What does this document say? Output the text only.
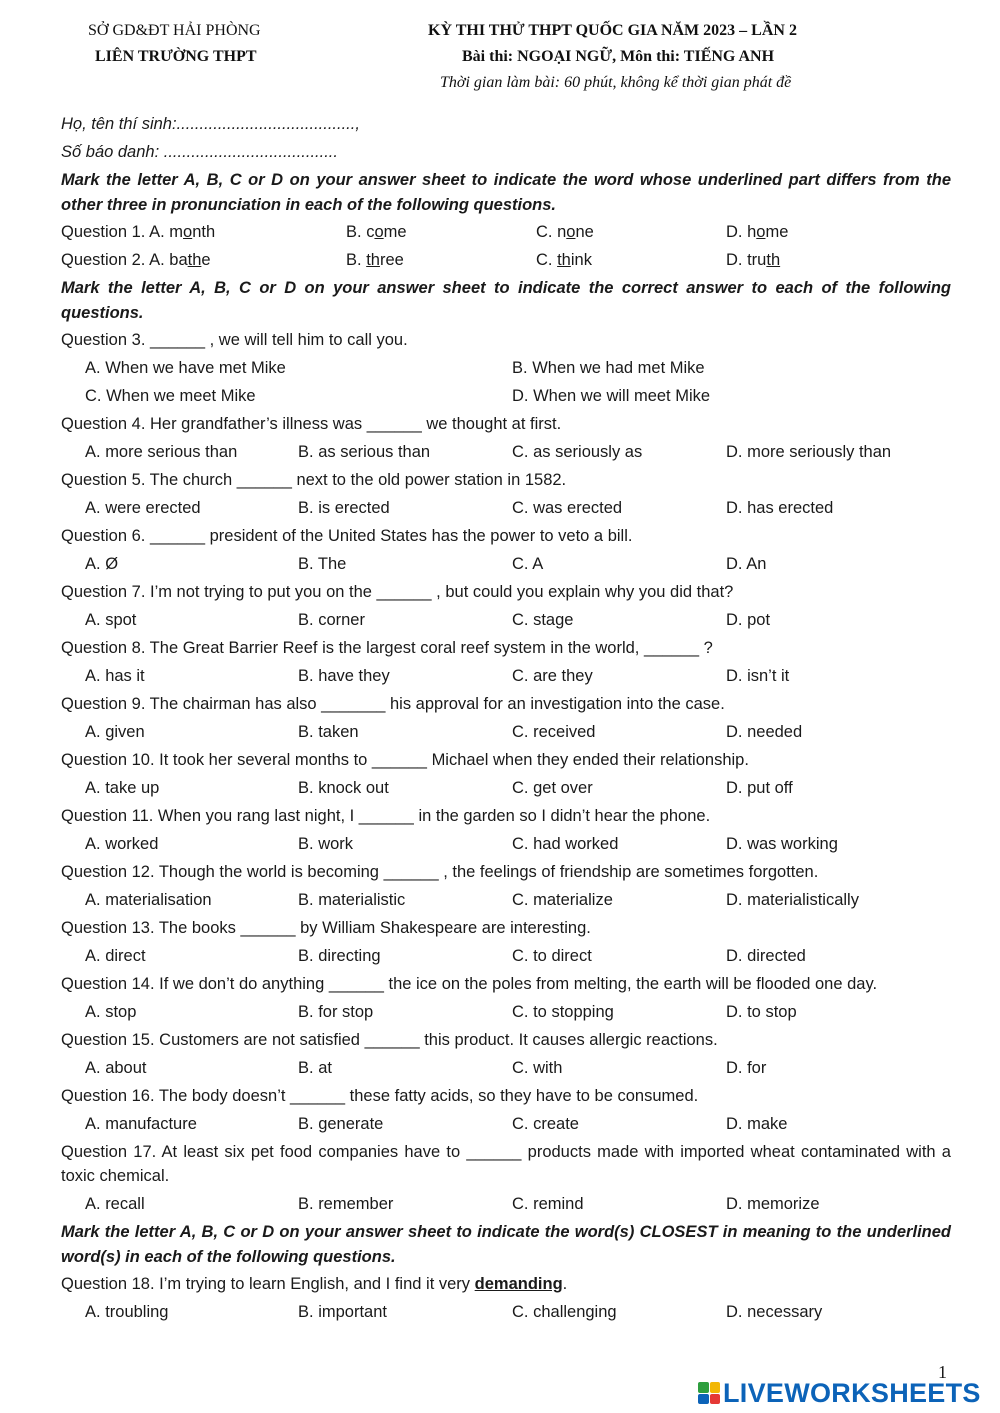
SỞ GD&ĐT HẢI PHÒNG
LIÊN TRƯỜNG THPT
KỲ THI THỬ THPT QUỐC GIA NĂM 2023 – LẦN 2
Bài thi: NGOẠI NGỮ, Môn thi: TIẾNG ANH
Thời gian làm bài: 60 phút, không kể thời gian phát đề
Họ, tên thí sinh:.......................................,
Số báo danh: ......................................
Mark the letter A, B, C or D on your answer sheet to indicate the word whose underlined part differs from the other three in pronunciation in each of the following questions.
Question 1. A. month	B. come	C. none	D. home
Question 2. A. bathe	B. three	C. think	D. truth
Mark the letter A, B, C or D on your answer sheet to indicate the correct answer to each of the following questions.
Question 3. ______ , we will tell him to call you.
A. When we have met Mike	B. When we had met Mike
C. When we meet Mike	D. When we will meet Mike
Question 4. Her grandfather’s illness was ______ we thought at first.
A. more serious than	B. as serious than	C. as seriously as	D. more seriously than
Question 5. The church ______ next to the old power station in 1582.
A. were erected	B. is erected	C. was erected	D. has erected
Question 6. ______ president of the United States has the power to veto a bill.
A. Ø	B. The	C. A	D. An
Question 7. I’m not trying to put you on the ______ , but could you explain why you did that?
A. spot	B. corner	C. stage	D. pot
Question 8. The Great Barrier Reef is the largest coral reef system in the world, ______ ?
A. has it	B. have they	C. are they	D. isn’t it
Question 9. The chairman has also _______ his approval for an investigation into the case.
A. given	B. taken	C. received	D. needed
Question 10. It took her several months to ______ Michael when they ended their relationship.
A. take up	B. knock out	C. get over	D. put off
Question 11. When you rang last night, I ______ in the garden so I didn’t hear the phone.
A. worked	B. work	C. had worked	D. was working
Question 12. Though the world is becoming ______ , the feelings of friendship are sometimes forgotten.
A. materialisation	B. materialistic	C. materialize	D. materialistically
Question 13. The books ______ by William Shakespeare are interesting.
A. direct	B. directing	C. to direct	D. directed
Question 14. If we don’t do anything ______ the ice on the poles from melting, the earth will be flooded one day.
A. stop	B. for stop	C. to stopping	D. to stop
Question 15. Customers are not satisfied ______ this product. It causes allergic reactions.
A. about	B. at	C. with	D. for
Question 16. The body doesn’t ______ these fatty acids, so they have to be consumed.
A. manufacture	B. generate	C. create	D. make
Question 17. At least six pet food companies have to ______ products made with imported wheat contaminated with a toxic chemical.
A. recall	B. remember	C. remind	D. memorize
Mark the letter A, B, C or D on your answer sheet to indicate the word(s) CLOSEST in meaning to the underlined word(s) in each of the following questions.
Question 18. I’m trying to learn English, and I find it very demanding.
A. troubling	B. important	C. challenging	D. necessary
1
LIVEWORKSHEETS
